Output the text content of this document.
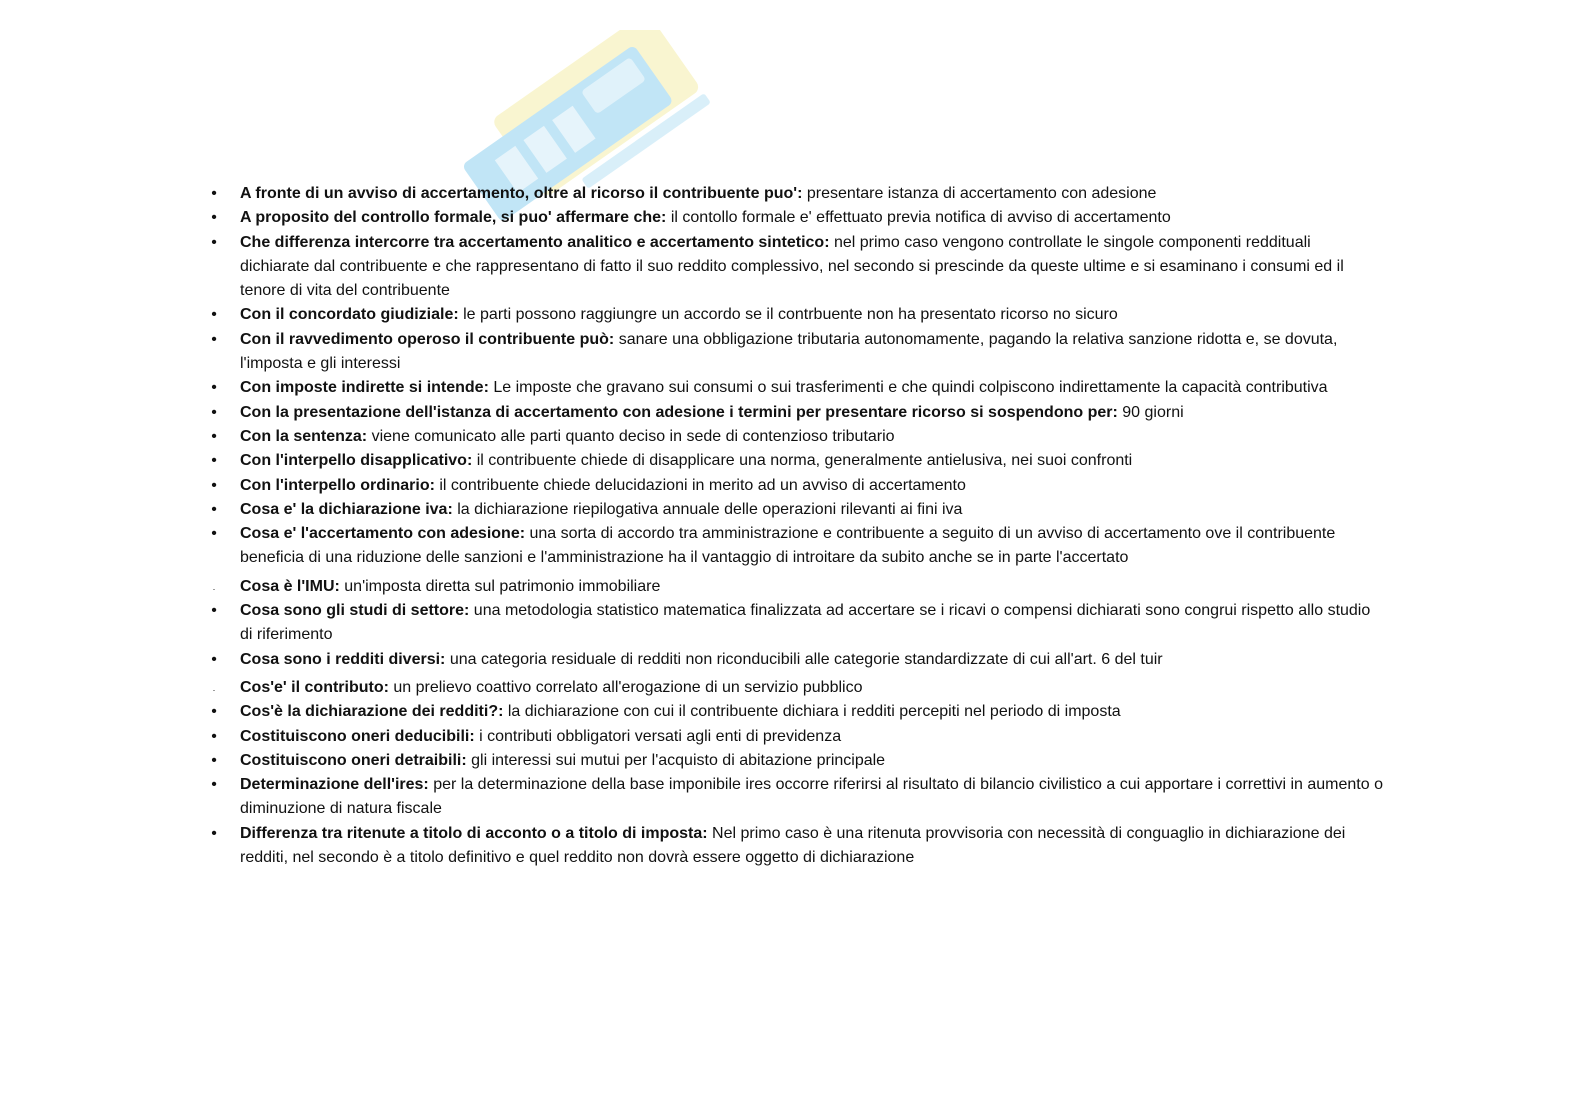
• A fronte di un avviso di accertamento, oltre al ricorso il contribuente puo': presentare istanza di accertamento con adesione
• A proposito del controllo formale, si puo' affermare che: il contollo formale e' effettuato previa notifica di avviso di accertamento
• Che differenza intercorre tra accertamento analitico e accertamento sintetico: nel primo caso vengono controllate le singole componenti reddituali dichiarate dal contribuente e che rappresentano di fatto il suo reddito complessivo, nel secondo si prescinde da queste ultime e si esaminano i consumi ed il tenore di vita del contribuente
• Con il concordato giudiziale: le parti possono raggiungre un accordo se il contrbuente non ha presentato ricorso no sicuro
• Con il ravvedimento operoso il contribuente può: sanare una obbligazione tributaria autonomamente, pagando la relativa sanzione ridotta e, se dovuta, l'imposta e gli interessi
• Con imposte indirette si intende: Le imposte che gravano sui consumi o sui trasferimenti e che quindi colpiscono indirettamente la capacità contributiva
• Con la presentazione dell'istanza di accertamento con adesione i termini per presentare ricorso si sospendono per: 90 giorni
• Con la sentenza: viene comunicato alle parti quanto deciso in sede di contenzioso tributario
• Con l'interpello disapplicativo: il contribuente chiede di disapplicare una norma, generalmente antielusiva, nei suoi confronti
• Con l'interpello ordinario: il contribuente chiede delucidazioni in merito ad un avviso di accertamento
• Cosa e' la dichiarazione iva: la dichiarazione riepilogativa annuale delle operazioni rilevanti ai fini iva
• Cosa e' l'accertamento con adesione: una sorta di accordo tra amministrazione e contribuente a seguito di un avviso di accertamento ove il contribuente beneficia di una riduzione delle sanzioni e l'amministrazione ha il vantaggio di introitare da subito anche se in parte l'accertato
· Cosa è l'IMU: un'imposta diretta sul patrimonio immobiliare
• Cosa sono gli studi di settore: una metodologia statistico matematica finalizzata ad accertare se i ricavi o compensi dichiarati sono congrui rispetto allo studio di riferimento
• Cosa sono i redditi diversi: una categoria residuale di redditi non riconducibili alle categorie standardizzate di cui all'art. 6 del tuir
· Cos'e' il contributo: un prelievo coattivo correlato all'erogazione di un servizio pubblico
• Cos'è la dichiarazione dei redditi?: la dichiarazione con cui il contribuente dichiara i redditi percepiti nel periodo di imposta
• Costituiscono oneri deducibili: i contributi obbligatori versati agli enti di previdenza
• Costituiscono oneri detraibili: gli interessi sui mutui per l'acquisto di abitazione principale
• Determinazione dell'ires: per la determinazione della base imponibile ires occorre riferirsi al risultato di bilancio civilistico a cui apportare i correttivi in aumento o diminuzione di natura fiscale
• Differenza tra ritenute a titolo di acconto o a titolo di imposta: Nel primo caso è una ritenuta provvisoria con necessità di conguaglio in dichiarazione dei redditi, nel secondo è a titolo definitivo e quel reddito non dovrà essere oggetto di dichiarazione
